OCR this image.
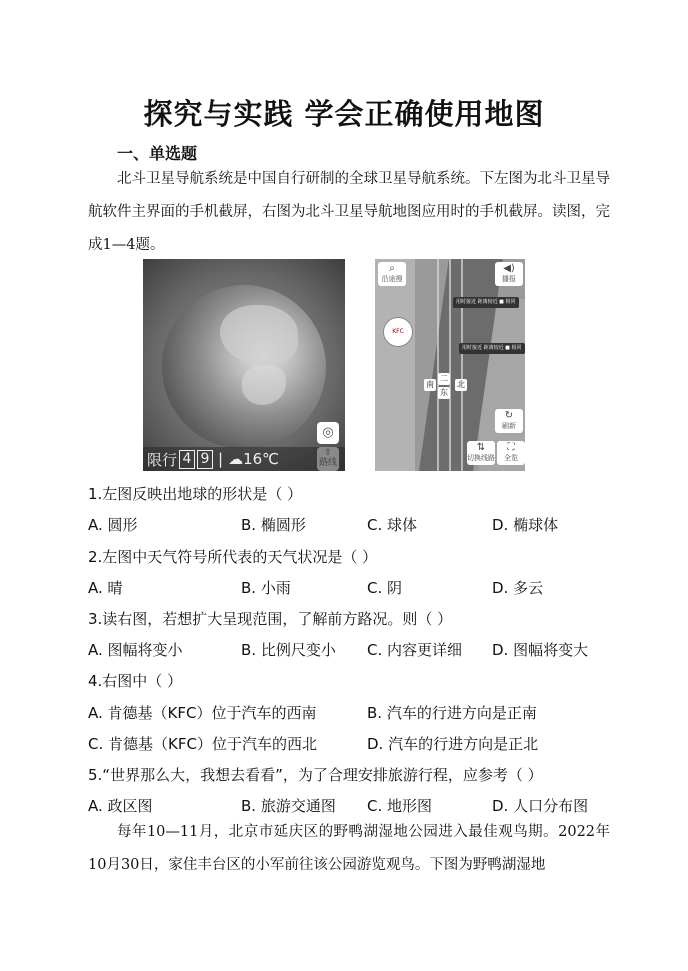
探究与实践 学会正确使用地图
一、单选题
北斗卫星导航系统是中国自行研制的全球卫星导航系统。下左图为北斗卫星导航软件主界面的手机截屏，右图为北斗卫星导航地图应用时的手机截屏。读图，完成1—4题。
◎

限行 4 9 | ☁16℃
⌕
沿途搜
◀)
播报
用时接近 距离较近 ■ 相同
用时接近 距离较近 ■ 相同
KFC
南
二
东
北
↻
刷新
⇅
切换线路
⛶
全览
1.左图反映出地球的形状是（ ）
A. 圆形	B. 椭圆形	C. 球体	D. 椭球体
2.左图中天气符号所代表的天气状况是（ ）
A. 晴	B. 小雨	C. 阴	D. 多云
3.读右图，若想扩大呈现范围，了解前方路况。则（ ）
A. 图幅将变小	B. 比例尺变小 C. 内容更详细 D. 图幅将变大
4.右图中（ ）
A. 肯德基（KFC）位于汽车的西南	B. 汽车的行进方向是正南
C. 肯德基（KFC）位于汽车的西北	D. 汽车的行进方向是正北
5.“世界那么大，我想去看看”，为了合理安排旅游行程，应参考（ ）
A. 政区图	B. 旅游交通图 C. 地形图	D. 人口分布图
每年10—11月，北京市延庆区的野鸭湖湿地公园进入最佳观鸟期。2022年10月30日，家住丰台区的小军前往该公园游览观鸟。下图为野鸭湖湿地
